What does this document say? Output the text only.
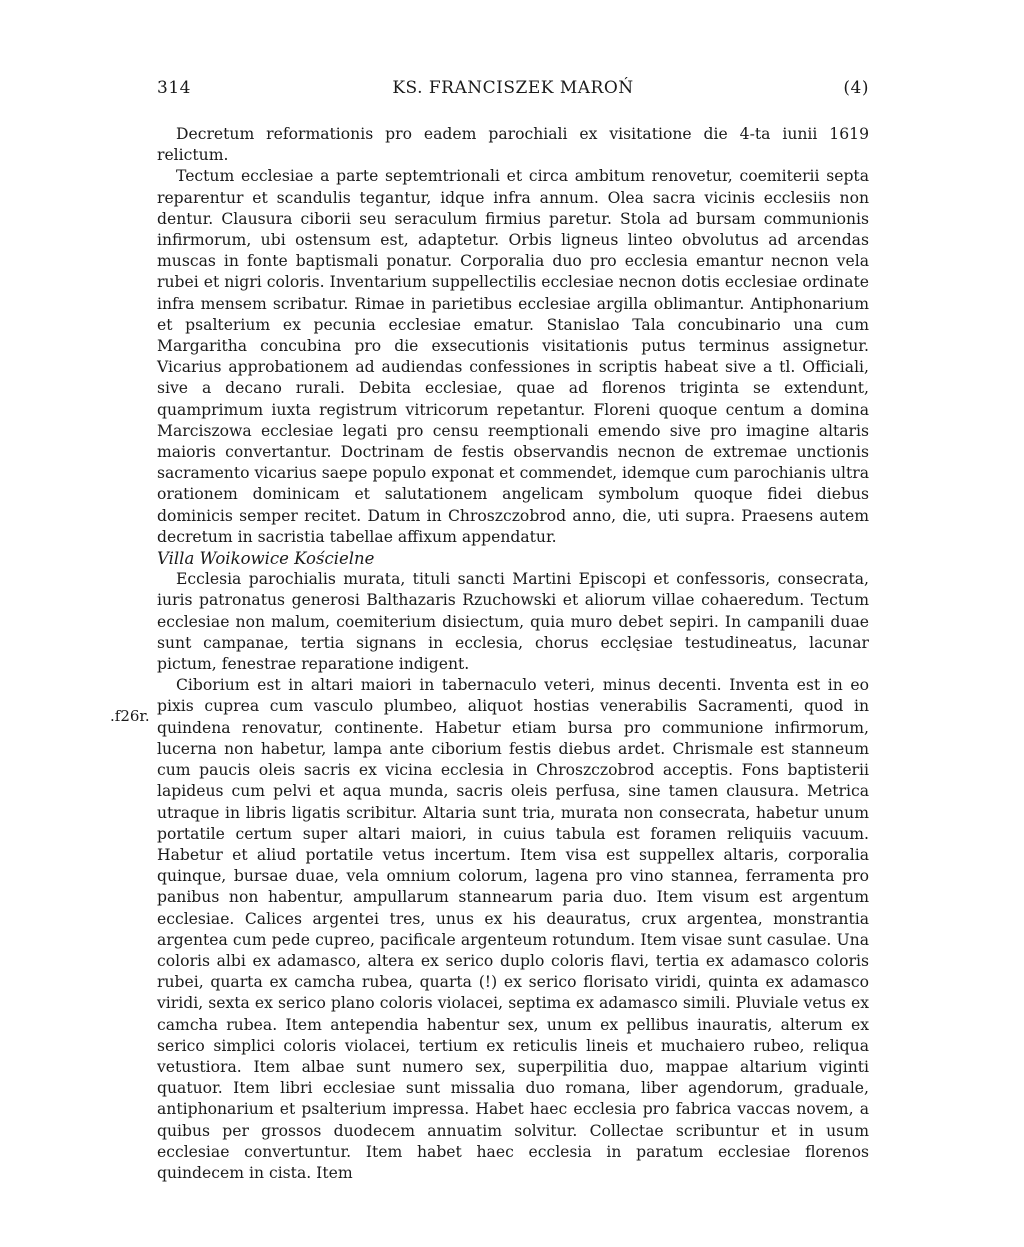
314	KS. FRANCISZEK MAROŃ	(4)
.f26r.

Decretum reformationis pro eadem parochiali ex visitatione die 4-ta iunii 1619 relictum.

Tectum ecclesiae a parte septemtrionali et circa ambitum renovetur, coemiterii septa reparentur et scandulis tegantur, idque infra annum. Olea sacra vicinis ecclesiis non dentur. Clausura ciborii seu seraculum firmius paretur. Stola ad bursam communionis infirmorum, ubi ostensum est, adaptetur. Orbis ligneus linteo obvolutus ad arcendas muscas in fonte baptismali ponatur. Corporalia duo pro ecclesia emantur necnon vela rubei et nigri coloris. Inventarium suppellectilis ecclesiae necnon dotis ecclesiae ordinate infra mensem scribatur. Rimae in parietibus ecclesiae argilla oblimantur. Antiphonarium et psalterium ex pecunia ecclesiae ematur. Stanislao Tala concubinario una cum Margaritha concubina pro die exsecutionis visitationis putus terminus assignetur. Vicarius approbationem ad audiendas confessiones in scriptis habeat sive a tl. Officiali, sive a decano rurali. Debita ecclesiae, quae ad florenos triginta se extendunt, quamprimum iuxta registrum vitricorum repetantur. Floreni quoque centum a domina Marciszowa ecclesiae legati pro censu reemptionali emendo sive pro imagine altaris maioris convertantur. Doctrinam de festis observandis necnon de extremae unctionis sacramento vicarius saepe populo exponat et commendet, idemque cum parochianis ultra orationem dominicam et salutationem angelicam symbolum quoque fidei diebus dominicis semper recitet. Datum in Chroszczobrod anno, die, uti supra. Praesens autem decretum in sacristia tabellae affixum appendatur.

Villa Woikowice Kościelne

Ecclesia parochialis murata, tituli sancti Martini Episcopi et confessoris, consecrata, iuris patronatus generosi Balthazaris Rzuchowski et aliorum villae cohaeredum. Tectum ecclesiae non malum, coemiterium disiectum, quia muro debet sepiri. In campanili duae sunt campanae, tertia signans in ecclesia, chorus ecclęsiae testudineatus, lacunar pictum, fenestrae reparatione indigent.

Ciborium est in altari maiori in tabernaculo veteri, minus decenti. Inventa est in eo pixis cuprea cum vasculo plumbeo, aliquot hostias venerabilis Sacramenti, quod in quindena renovatur, continente. Habetur etiam bursa pro communione infirmorum, lucerna non habetur, lampa ante ciborium festis diebus ardet. Chrismale est stanneum cum paucis oleis sacris ex vicina ecclesia in Chroszczobrod acceptis. Fons baptisterii lapideus cum pelvi et aqua munda, sacris oleis perfusa, sine tamen clausura. Metrica utraque in libris ligatis scribitur. Altaria sunt tria, murata non consecrata, habetur unum portatile certum super altari maiori, in cuius tabula est foramen reliquiis vacuum. Habetur et aliud portatile vetus incertum. Item visa est suppellex altaris, corporalia quinque, bursae duae, vela omnium colorum, lagena pro vino stannea, ferramenta pro panibus non habentur, ampullarum stannearum paria duo. Item visum est argentum ecclesiae. Calices argentei tres, unus ex his deauratus, crux argentea, monstrantia argentea cum pede cupreo, pacificale argenteum rotundum. Item visae sunt casulae. Una coloris albi ex adamasco, altera ex serico duplo coloris flavi, tertia ex adamasco coloris rubei, quarta ex camcha rubea, quarta (!) ex serico florisato viridi, quinta ex adamasco viridi, sexta ex serico plano coloris violacei, septima ex adamasco simili. Pluviale vetus ex camcha rubea. Item antependia habentur sex, unum ex pellibus inauratis, alterum ex serico simplici coloris violacei, tertium ex reticulis lineis et muchaiero rubeo, reliqua vetustiora. Item albae sunt numero sex, superpilitia duo, mappae altarium viginti quatuor. Item libri ecclesiae sunt missalia duo romana, liber agendorum, graduale, antiphonarium et psalterium impressa. Habet haec ecclesia pro fabrica vaccas novem, a quibus per grossos duodecem annuatim solvitur. Collectae scribuntur et in usum ecclesiae convertuntur. Item habet haec ecclesia in paratum ecclesiae florenos quindecem in cista. Item
